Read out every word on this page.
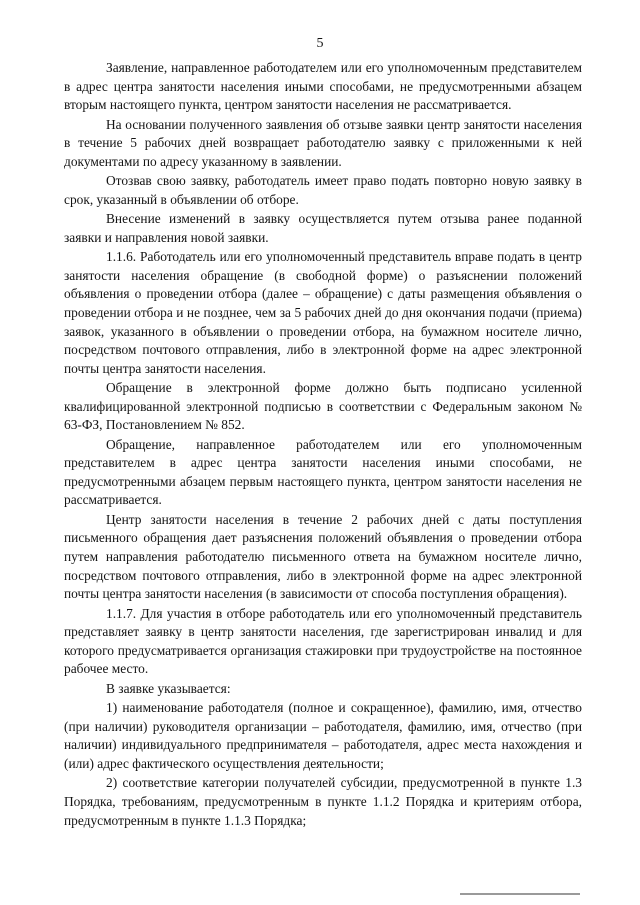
5

Заявление, направленное работодателем или его уполномоченным представителем в адрес центра занятости населения иными способами, не предусмотренными абзацем вторым настоящего пункта, центром занятости населения не рассматривается.

На основании полученного заявления об отзыве заявки центр занятости населения в течение 5 рабочих дней возвращает работодателю заявку с приложенными к ней документами по адресу указанному в заявлении.

Отозвав свою заявку, работодатель имеет право подать повторно новую заявку в срок, указанный в объявлении об отборе.

Внесение изменений в заявку осуществляется путем отзыва ранее поданной заявки и направления новой заявки.

1.1.6. Работодатель или его уполномоченный представитель вправе подать в центр занятости населения обращение (в свободной форме) о разъяснении положений объявления о проведении отбора (далее – обращение) с даты размещения объявления о проведении отбора и не позднее, чем за 5 рабочих дней до дня окончания подачи (приема) заявок, указанного в объявлении о проведении отбора, на бумажном носителе лично, посредством почтового отправления, либо в электронной форме на адрес электронной почты центра занятости населения.

Обращение в электронной форме должно быть подписано усиленной квалифицированной электронной подписью в соответствии с Федеральным законом № 63-ФЗ, Постановлением № 852.

Обращение, направленное работодателем или его уполномоченным представителем в адрес центра занятости населения иными способами, не предусмотренными абзацем первым настоящего пункта, центром занятости населения не рассматривается.

Центр занятости населения в течение 2 рабочих дней с даты поступления письменного обращения дает разъяснения положений объявления о проведении отбора путем направления работодателю письменного ответа на бумажном носителе лично, посредством почтового отправления, либо в электронной форме на адрес электронной почты центра занятости населения (в зависимости от способа поступления обращения).

1.1.7. Для участия в отборе работодатель или его уполномоченный представитель представляет заявку в центр занятости населения, где зарегистрирован инвалид и для которого предусматривается организация стажировки при трудоустройстве на постоянное рабочее место.

В заявке указывается:

1) наименование работодателя (полное и сокращенное), фамилию, имя, отчество (при наличии) руководителя организации – работодателя, фамилию, имя, отчество (при наличии) индивидуального предпринимателя – работодателя, адрес места нахождения и (или) адрес фактического осуществления деятельности;

2) соответствие категории получателей субсидии, предусмотренной в пункте 1.3 Порядка, требованиям, предусмотренным в пункте 1.1.2 Порядка и критериям отбора, предусмотренным в пункте 1.1.3 Порядка;
